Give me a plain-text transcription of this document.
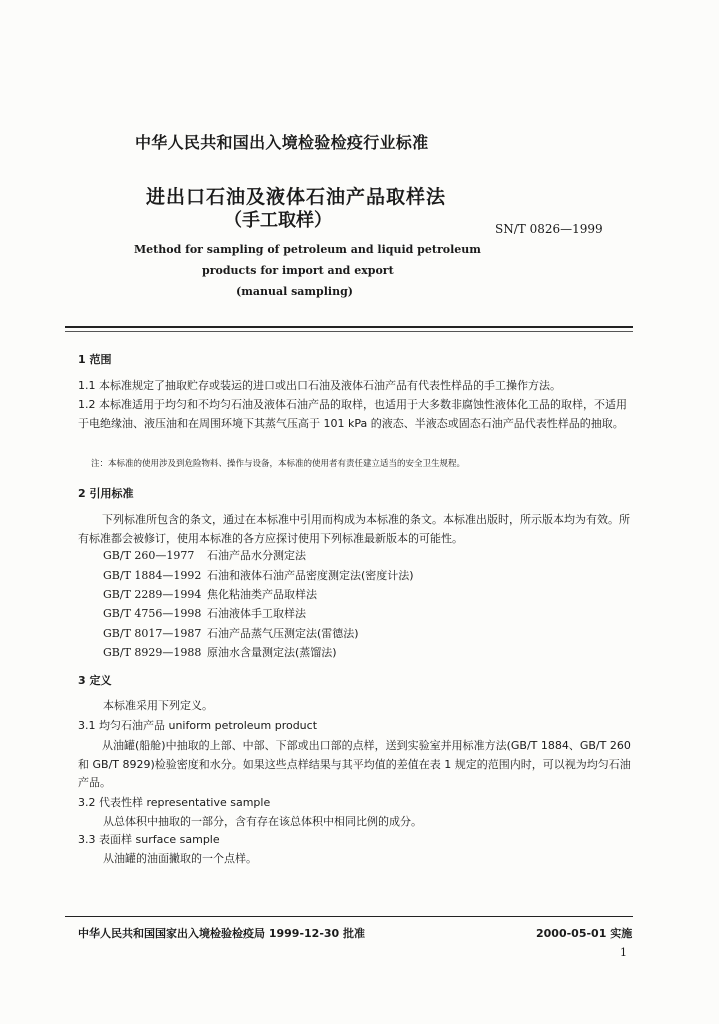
中华人民共和国出入境检验检疫行业标准
进出口石油及液体石油产品取样法
（手工取样）	SN/T 0826—1999
Method for sampling of petroleum and liquid petroleum
products for import and export
(manual sampling)
1 范围
1.1 本标准规定了抽取贮存或装运的进口或出口石油及液体石油产品有代表性样品的手工操作方法。
1.2 本标准适用于均匀和不均匀石油及液体石油产品的取样，也适用于大多数非腐蚀性液体化工品的取样，不适用于电绝缘油、液压油和在周围环境下其蒸气压高于 101 kPa 的液态、半液态或固态石油产品代表性样品的抽取。
注：本标准的使用涉及到危险物料、操作与设备，本标准的使用者有责任建立适当的安全卫生规程。
2 引用标准
下列标准所包含的条文，通过在本标准中引用而构成为本标准的条文。本标准出版时，所示版本均为有效。所有标准都会被修订，使用本标准的各方应探讨使用下列标准最新版本的可能性。
GB/T 260—1977 石油产品水分测定法
GB/T 1884—1992 石油和液体石油产品密度测定法(密度计法)
GB/T 2289—1994 焦化粘油类产品取样法
GB/T 4756—1998 石油液体手工取样法
GB/T 8017—1987 石油产品蒸气压测定法(雷德法)
GB/T 8929—1988 原油水含量测定法(蒸馏法)
3 定义
本标准采用下列定义。
3.1 均匀石油产品 uniform petroleum product
从油罐(船舱)中抽取的上部、中部、下部或出口部的点样，送到实验室并用标准方法(GB/T 1884、GB/T 260 和 GB/T 8929)检验密度和水分。如果这些点样结果与其平均值的差值在表 1 规定的范围内时，可以视为均匀石油产品。
3.2 代表性样 representative sample
从总体积中抽取的一部分，含有存在该总体积中相同比例的成分。
3.3 表面样 surface sample
从油罐的油面撇取的一个点样。
中华人民共和国国家出入境检验检疫局 1999-12-30 批准	2000-05-01 实施
1
